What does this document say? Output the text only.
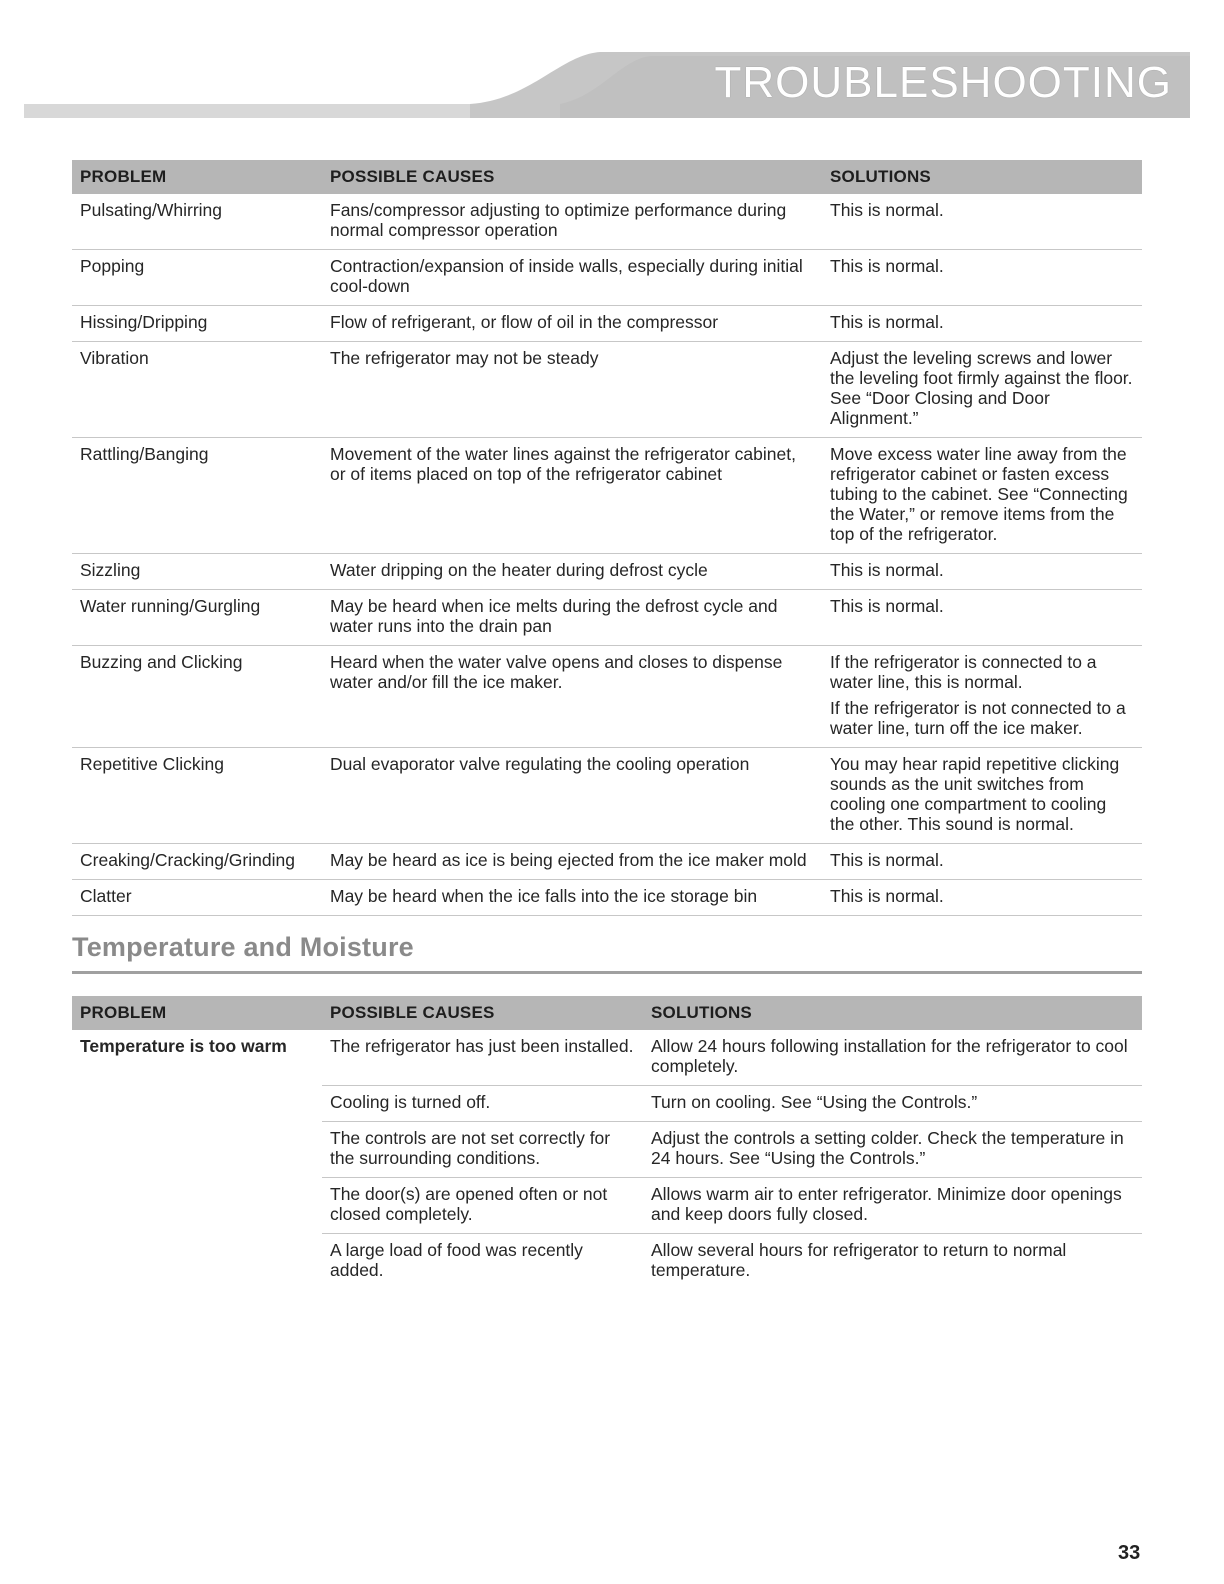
TROUBLESHOOTING
PROBLEM	POSSIBLE CAUSES	SOLUTIONS
Pulsating/Whirring	Fans/compressor adjusting to optimize performance during normal compressor operation	This is normal.

Popping	Contraction/expansion of inside walls, especially during initial cool-down	This is normal.

Hissing/Dripping	Flow of refrigerant, or flow of oil in the compressor	This is normal.

Vibration	The refrigerator may not be steady	Adjust the leveling screws and lower the leveling foot firmly against the floor. See “Door Closing and Door Alignment.”

Rattling/Banging	Movement of the water lines against the refrigerator cabinet, or of items placed on top of the refrigerator cabinet	Move excess water line away from the refrigerator cabinet or fasten excess tubing to the cabinet. See “Connecting the Water,” or remove items from the top of the refrigerator.

Sizzling	Water dripping on the heater during defrost cycle	This is normal.

Water running/Gurgling	May be heard when ice melts during the defrost cycle and water runs into the drain pan	This is normal.

Buzzing and Clicking	Heard when the water valve opens and closes to dispense water and/or fill the ice maker.	If the refrigerator is connected to a water line, this is normal.

If the refrigerator is not connected to a water line, turn off the ice maker.

Repetitive Clicking	Dual evaporator valve regulating the cooling operation	You may hear rapid repetitive clicking sounds as the unit switches from cooling one compartment to cooling the other. This sound is normal.

Creaking/Cracking/Grinding	May be heard as ice is being ejected from the ice maker mold	This is normal.

Clatter	May be heard when the ice falls into the ice storage bin	This is normal.

Temperature and Moisture
PROBLEM	POSSIBLE CAUSES	SOLUTIONS
Temperature is too warm	The refrigerator has just been installed.	Allow 24 hours following installation for the refrigerator to cool completely.
	Cooling is turned off.	Turn on cooling. See “Using the Controls.”
	The controls are not set correctly for the surrounding conditions.	Adjust the controls a setting colder. Check the temperature in 24 hours. See “Using the Controls.”
	The door(s) are opened often or not closed completely.	Allows warm air to enter refrigerator. Minimize door openings and keep doors fully closed.
	A large load of food was recently added.	Allow several hours for refrigerator to return to normal temperature.
33
